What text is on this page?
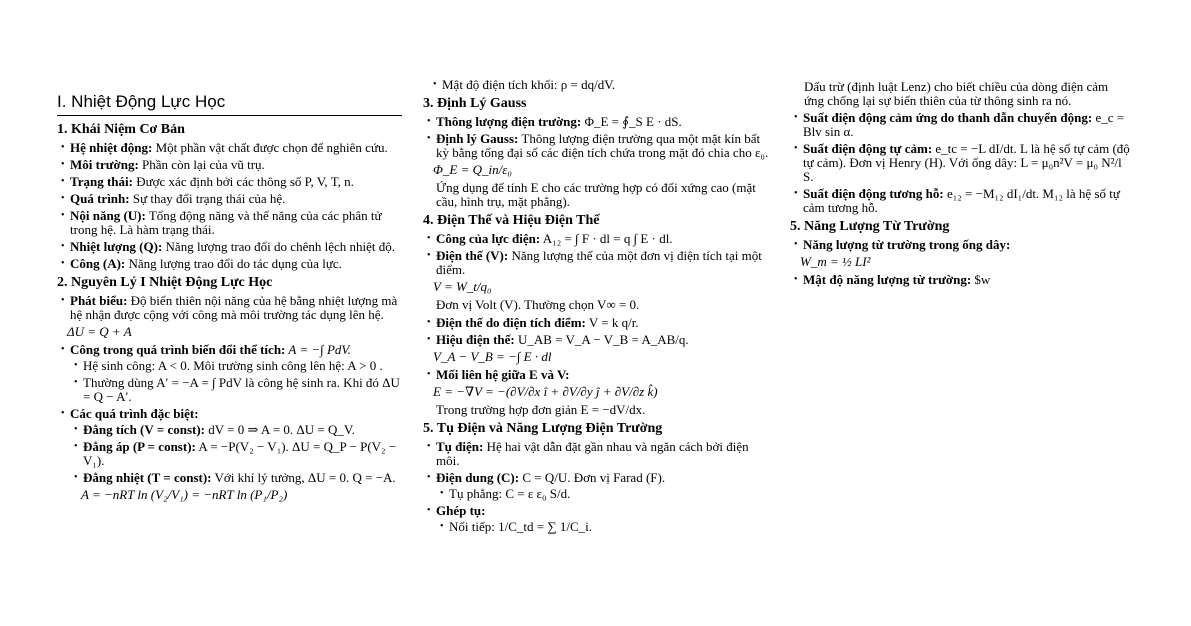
I. Nhiệt Động Lực Học
1. Khái Niệm Cơ Bản
• Hệ nhiệt động: Một phần vật chất được chọn để nghiên cứu.
• Môi trường: Phần còn lại của vũ trụ.
• Trạng thái: Được xác định bởi các thông số P, V, T, n.
• Quá trình: Sự thay đổi trạng thái của hệ.
• Nội năng (U): Tổng động năng và thế năng của các phân tử trong hệ. Là hàm trạng thái.
• Nhiệt lượng (Q): Năng lượng trao đổi do chênh lệch nhiệt độ.
• Công (A): Năng lượng trao đổi do tác dụng của lực.
2. Nguyên Lý I Nhiệt Động Lực Học
• Phát biểu: Độ biến thiên nội năng của hệ bằng nhiệt lượng mà hệ nhận được cộng với công mà môi trường tác dụng lên hệ.
ΔU = Q + A
• Công trong quá trình biến đổi thể tích: A = −∫ PdV.
• Hệ sinh công: A < 0. Môi trường sinh công lên hệ: A > 0 .
• Thường dùng A′ = −A = ∫ PdV là công hệ sinh ra. Khi đó ΔU = Q − A′.
• Các quá trình đặc biệt:
• Đẳng tích (V = const): dV = 0 ⇒ A = 0. ΔU = Q_V.
• Đẳng áp (P = const): A = −P(V₂ − V₁). ΔU = Q_P − P(V₂ − V₁).
• Đẳng nhiệt (T = const): Với khí lý tưởng, ΔU = 0. Q = −A.
A = −nRT ln (V₂/V₁) = −nRT ln (P₁/P₂)
• Mật độ điện tích khối: ρ = dq/dV.
3. Định Lý Gauss
• Thông lượng điện trường: Φ_E = ∮_S E · dS.
• Định lý Gauss: Thông lượng điện trường qua một mặt kín bất kỳ bằng tổng đại số các điện tích chứa trong mặt đó chia cho ε₀.
Φ_E = Q_in/ε₀
Ứng dụng để tính E cho các trường hợp có đối xứng cao (mặt cầu, hình trụ, mặt phẳng).
4. Điện Thế và Hiệu Điện Thế
• Công của lực điện: A₁₂ = ∫ F · dl = q ∫ E · dl.
• Điện thế (V): Năng lượng thế của một đơn vị điện tích tại một điểm.
V = W_t/q₀
Đơn vị Volt (V). Thường chọn V∞ = 0.
• Điện thế do điện tích điểm: V = k q/r.
• Hiệu điện thế: U_AB = V_A − V_B = A_AB/q.
V_A − V_B = −∫ E · dl
• Mối liên hệ giữa E và V:
E = −∇V = −(∂V/∂x î + ∂V/∂y ĵ + ∂V/∂z k̂)
Trong trường hợp đơn giản E = −dV/dx.
5. Tụ Điện và Năng Lượng Điện Trường
• Tụ điện: Hệ hai vật dẫn đặt gần nhau và ngăn cách bởi điện môi.
• Điện dung (C): C = Q/U. Đơn vị Farad (F).
• Tụ phẳng: C = ε ε₀ S/d.
• Ghép tụ:
• Nối tiếp: 1/C_td = ∑ 1/C_i.
Dấu trừ (định luật Lenz) cho biết chiều của dòng điện cảm ứng chống lại sự biến thiên của từ thông sinh ra nó.
• Suất điện động cảm ứng do thanh dẫn chuyển động: e_c = Blv sin α.
• Suất điện động tự cảm: e_tc = −L dI/dt. L là hệ số tự cảm (độ tự cảm). Đơn vị Henry (H). Với ống dây: L = μ₀n²V = μ₀ N²/l S.
• Suất điện động tương hỗ: e₁₂ = −M₁₂ dI₁/dt. M₁₂ là hệ số tự cảm tương hỗ.
5. Năng Lượng Từ Trường
• Năng lượng từ trường trong ống dây:
W_m = ½ LI²
• Mật độ năng lượng từ trường: $w
